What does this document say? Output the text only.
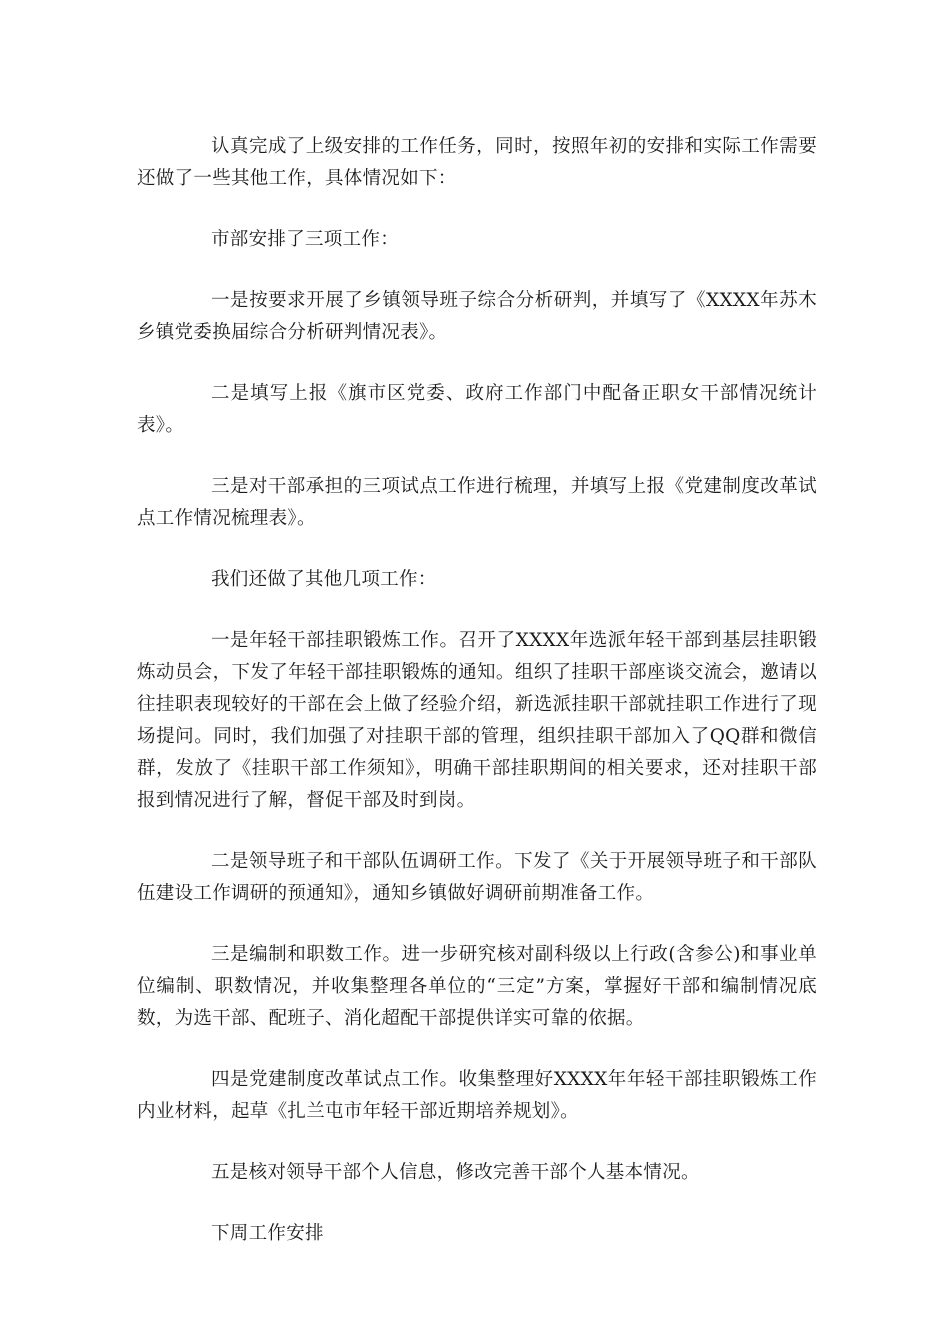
认真完成了上级安排的工作任务，同时，按照年初的安排和实际工作需要还做了一些其他工作，具体情况如下：

市部安排了三项工作：

一是按要求开展了乡镇领导班子综合分析研判，并填写了《XXXX年苏木乡镇党委换届综合分析研判情况表》。

二是填写上报《旗市区党委、政府工作部门中配备正职女干部情况统计表》。

三是对干部承担的三项试点工作进行梳理，并填写上报《党建制度改革试点工作情况梳理表》。

我们还做了其他几项工作：

一是年轻干部挂职锻炼工作。召开了XXXX年选派年轻干部到基层挂职锻炼动员会，下发了年轻干部挂职锻炼的通知。组织了挂职干部座谈交流会，邀请以往挂职表现较好的干部在会上做了经验介绍，新选派挂职干部就挂职工作进行了现场提问。同时，我们加强了对挂职干部的管理，组织挂职干部加入了QQ群和微信群，发放了《挂职干部工作须知》，明确干部挂职期间的相关要求，还对挂职干部报到情况进行了解，督促干部及时到岗。

二是领导班子和干部队伍调研工作。下发了《关于开展领导班子和干部队伍建设工作调研的预通知》，通知乡镇做好调研前期准备工作。

三是编制和职数工作。进一步研究核对副科级以上行政(含参公)和事业单位编制、职数情况，并收集整理各单位的“三定”方案，掌握好干部和编制情况底数，为选干部、配班子、消化超配干部提供详实可靠的依据。

四是党建制度改革试点工作。收集整理好XXXX年年轻干部挂职锻炼工作内业材料，起草《扎兰屯市年轻干部近期培养规划》。

五是核对领导干部个人信息，修改完善干部个人基本情况。

下周工作安排
